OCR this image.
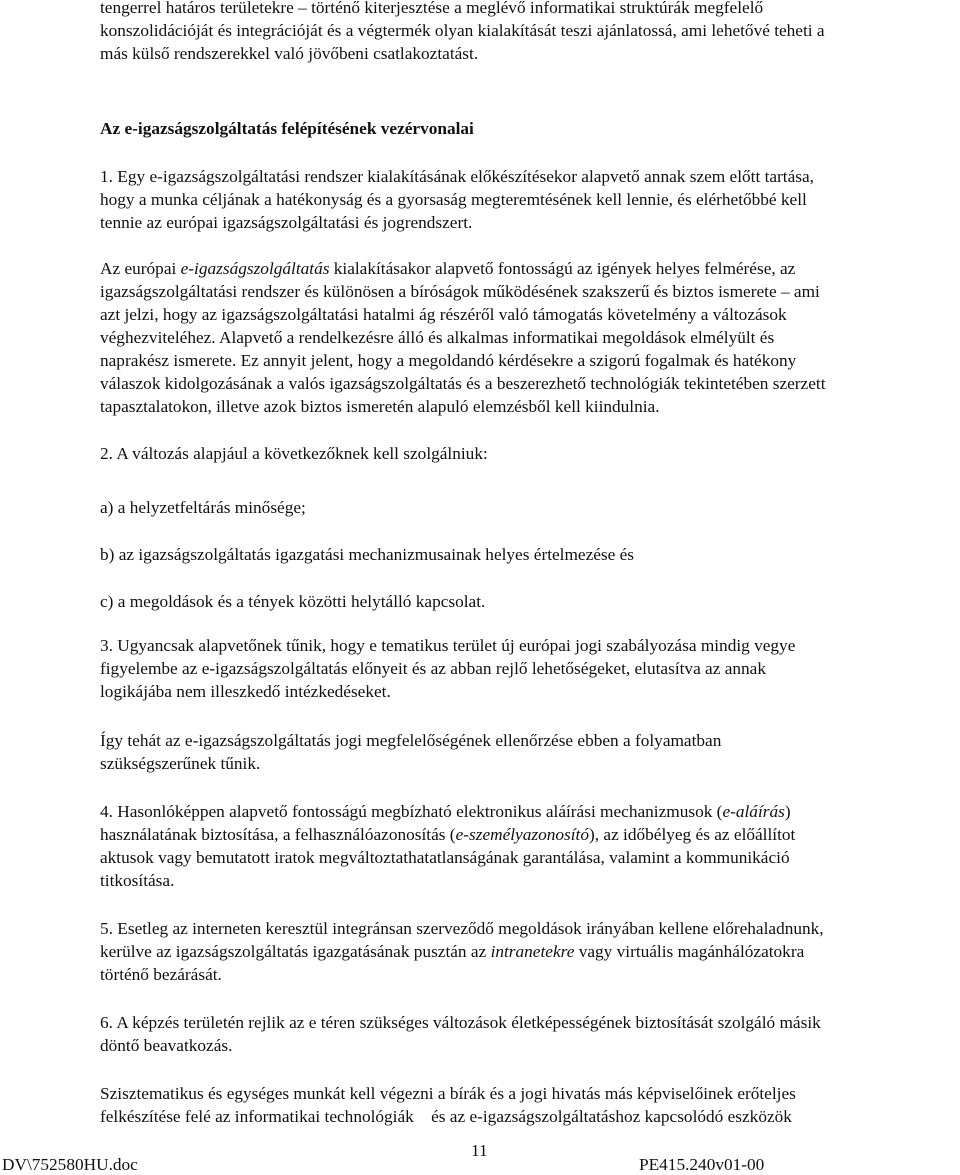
tengerrel határos területekre – történő kiterjesztése a meglévő informatikai struktúrák megfelelő
konszolidációját és integrációját és a végtermék olyan kialakítását teszi ajánlatossá, ami lehetővé teheti a
más külső rendszerekkel való jövőbeni csatlakoztatást.
Az e-igazságszolgáltatás felépítésének vezérvonalai
1. Egy e-igazságszolgáltatási rendszer kialakításának előkészítésekor alapvető annak szem előtt tartása,
hogy a munka céljának a hatékonyság és a gyorsaság megteremtésének kell lennie, és elérhetőbbé kell
tennie az európai igazságszolgáltatási és jogrendszert.
Az európai e-igazságszolgáltatás kialakításakor alapvető fontosságú az igények helyes felmérése, az
igazságszolgáltatási rendszer és különösen a bíróságok működésének szakszerű és biztos ismerete – ami
azt jelzi, hogy az igazságszolgáltatási hatalmi ág részéről való támogatás követelmény a változások
véghezviteléhez. Alapvető a rendelkezésre álló és alkalmas informatikai megoldások elmélyült és
naprakész ismerete. Ez annyit jelent, hogy a megoldandó kérdésekre a szigorú fogalmak és hatékony
válaszok kidolgozásának a valós igazságszolgáltatás és a beszerezhető technológiák tekintetében szerzett
tapasztalatokon, illetve azok biztos ismeretén alapuló elemzésből kell kiindulnia.
2. A változás alapjául a következőknek kell szolgálniuk:
a) a helyzetfeltárás minősége;
b) az igazságszolgáltatás igazgatási mechanizmusainak helyes értelmezése és
c) a megoldások és a tények közötti helytálló kapcsolat.
3. Ugyancsak alapvetőnek tűnik, hogy e tematikus terület új európai jogi szabályozása mindig vegye
figyelembe az e-igazságszolgáltatás előnyeit és az abban rejlő lehetőségeket, elutasítva az annak
logikájába nem illeszkedő intézkedéseket.
Így tehát az e-igazságszolgáltatás jogi megfelelőségének ellenőrzése ebben a folyamatban
szükségszerűnek tűnik.
4. Hasonlóképpen alapvető fontosságú megbízható elektronikus aláírási mechanizmusok (e-aláírás)
használatának biztosítása, a felhasználóazonosítás (e-személyazonosító), az időbélyeg és az előállítot
aktusok vagy bemutatott iratok megváltoztathatatlanságának garantálása, valamint a kommunikáció
titkosítása.
5. Esetleg az interneten keresztül integránsan szerveződő megoldások irányában kellene előrehaladnunk,
kerülve az igazságszolgáltatás igazgatásának pusztán az intranetekre vagy virtuális magánhálózatokra
történő bezárását.
6. A képzés területén rejlik az e téren szükséges változások életképességének biztosítását szolgáló másik
döntő beavatkozás.
Szisztematikus és egységes munkát kell végezni a bírák és a jogi hivatás más képviselőinek erőteljes
felkészítése felé az informatikai technológiák    és az e-igazságszolgáltatáshoz kapcsolódó eszközök
DV\752580HU.doc
11
PE415.240v01-00
